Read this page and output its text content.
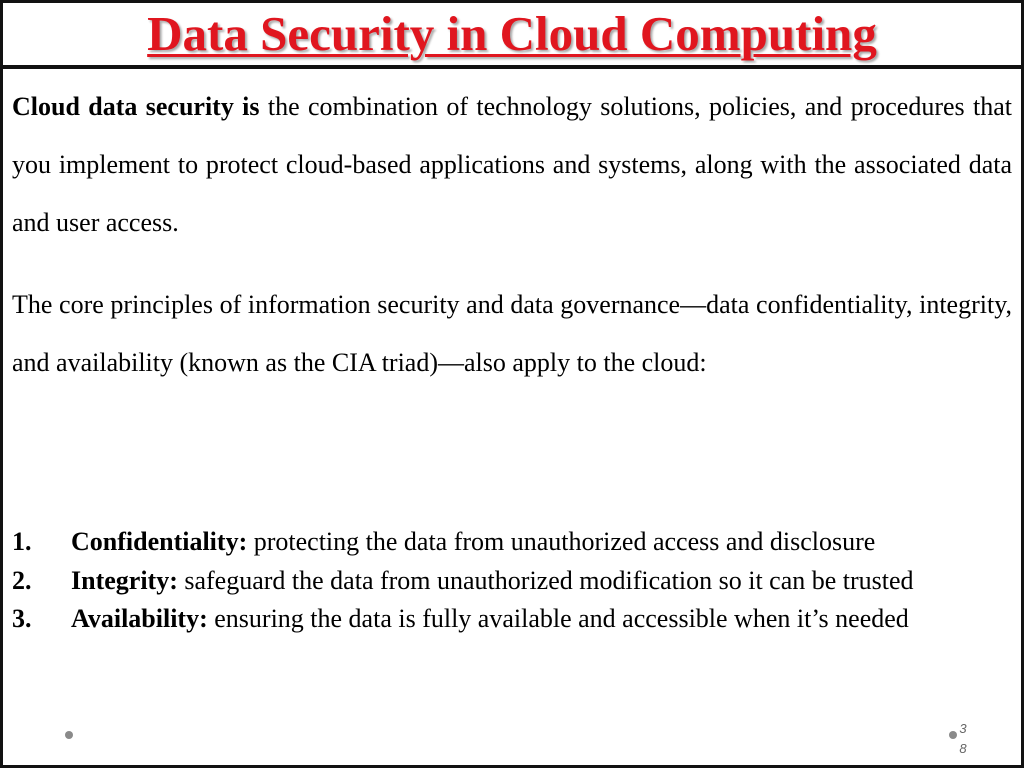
Data Security in Cloud Computing

Cloud data security is the combination of technology solutions, policies, and procedures that you implement to protect cloud-based applications and systems, along with the associated data and user access.

The core principles of information security and data governance—data confidentiality, integrity, and availability (known as the CIA triad)—also apply to the cloud:

1. Confidentiality: protecting the data from unauthorized access and disclosure
2. Integrity: safeguard the data from unauthorized modification so it can be trusted
3. Availability: ensuring the data is fully available and accessible when it’s needed
3
8
